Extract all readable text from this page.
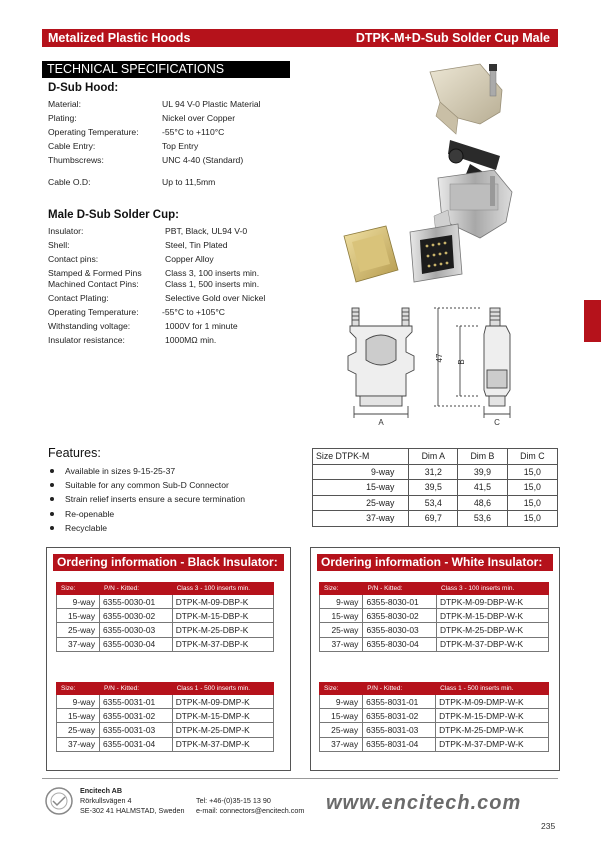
Metalized Plastic Hoods	DTPK-M+D-Sub Solder Cup Male
TECHNICAL SPECIFICATIONS
D-Sub Hood:
Material:	UL 94 V-0 Plastic Material
Plating:	Nickel over Copper
Operating Temperature:	-55°C to +110°C
Cable Entry:	Top Entry
Thumbscrews:	UNC 4-40 (Standard)
Cable O.D:	Up to 11,5mm
Male D-Sub Solder Cup:
Insulator:	PBT, Black, UL94 V-0
Shell:	Steel, Tin Plated
Contact pins:	Copper Alloy
Stamped & Formed Pins	Class 3, 100 inserts min.
Machined Contact Pins:	Class 1, 500 inserts min.
Contact Plating:	Selective Gold over Nickel
Operating Temperature:	-55°C to +105°C
Withstanding voltage:	1000V for 1 minute
Insulator resistance:	1000MΩ min.
47 B
A	C
Features:
Available in sizes 9-15-25-37
Suitable for any common Sub-D Connector
Strain relief inserts ensure a secure termination
Re-openable
Recyclable
Size DTPK-M	Dim A	Dim B	Dim C
9-way	31,2	39,9	15,0
15-way	39,5	41,5	15,0
25-way	53,4	48,6	15,0
37-way	69,7	53,6	15,0
Ordering information - Black Insulator:
Size:	P/N - Kitted:	Class 3 - 100 inserts min.
9-way	6355-0030-01	DTPK-M-09-DBP-K
15-way	6355-0030-02	DTPK-M-15-DBP-K
25-way	6355-0030-03	DTPK-M-25-DBP-K
37-way	6355-0030-04	DTPK-M-37-DBP-K
Size:	P/N - Kitted:	Class 1 - 500 inserts min.
9-way	6355-0031-01	DTPK-M-09-DMP-K
15-way	6355-0031-02	DTPK-M-15-DMP-K
25-way	6355-0031-03	DTPK-M-25-DMP-K
37-way	6355-0031-04	DTPK-M-37-DMP-K
Ordering information - White Insulator:
Size:	P/N - Kitted:	Class 3 - 100 inserts min.
9-way	6355-8030-01	DTPK-M-09-DBP-W-K
15-way	6355-8030-02	DTPK-M-15-DBP-W-K
25-way	6355-8030-03	DTPK-M-25-DBP-W-K
37-way	6355-8030-04	DTPK-M-37-DBP-W-K
Size:	P/N - Kitted:	Class 1 - 500 inserts min.
9-way	6355-8031-01	DTPK-M-09-DMP-W-K
15-way	6355-8031-02	DTPK-M-15-DMP-W-K
25-way	6355-8031-03	DTPK-M-25-DMP-W-K
37-way	6355-8031-04	DTPK-M-37-DMP-W-K
Encitech AB
Rörkullsvägen 4
SE-302 41 HALMSTAD, Sweden
Tel: +46-(0)35-15 13 90
e-mail: connectors@encitech.com www.encitech.com
235
